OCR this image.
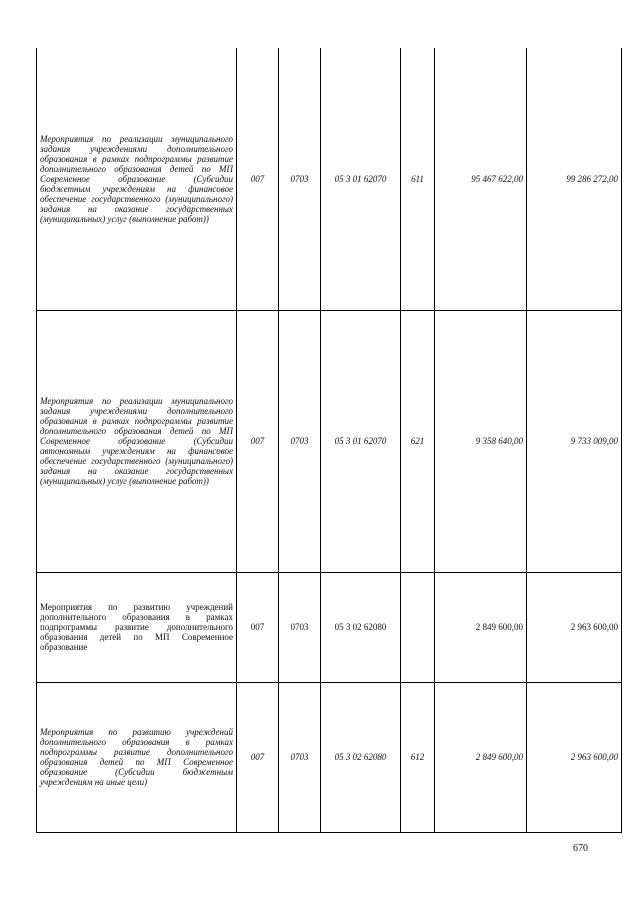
Мероприятия по реализации муниципального задания учреждениями дополнительного образования в рамках подпрограммы развитие дополнительного образования детей по МП Современное образование (Субсидии бюджетным учреждениям на финансовое обеспечение государственного (муниципального) задания на оказание государственных (муниципальных) услуг (выполнение работ))	007	0703	05 3 01 62070	611	95 467 622,00	99 286 272,00
Мероприятия по реализации муниципального задания учреждениями дополнительного образования в рамках подпрограммы развитие дополнительного образования детей по МП Современное образование (Субсидии автономным учреждениям на финансовое обеспечение государственного (муниципального) задания на оказание государственных (муниципальных) услуг (выполнение работ))	007	0703	05 3 01 62070	621	9 358 640,00	9 733 009,00
Мероприятия по развитию учреждений дополнительного образования в рамках подпрограммы развитие дополнительного образования детей по МП Современное образование	007	0703	05 3 02 62080		2 849 600,00	2 963 600,00
Мероприятия по развитию учреждений дополнительного образования в рамках подпрограммы развитие дополнительного образования детей по МП Современное образование (Субсидии бюджетным учреждениям на иные цели)	007	0703	05 3 02 62080	612	2 849 600,00	2 963 600,00
670
